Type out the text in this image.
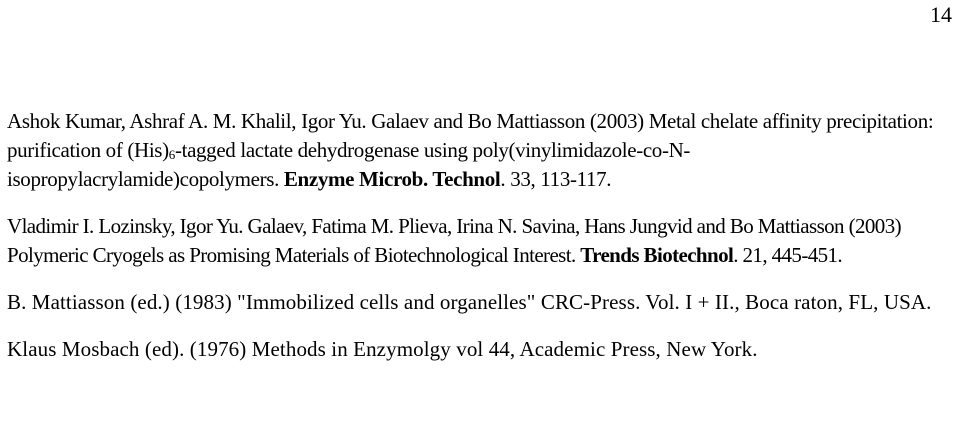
14

Ashok Kumar, Ashraf A. M. Khalil, Igor Yu. Galaev and Bo Mattiasson (2003) Metal chelate affinity precipitation: purification of $(His)_6$-tagged lactate dehydrogenase using poly(vinylimidazole-co-N-isopropylacrylamide)copolymers. Enzyme Microb. Technol. 33, 113-117.

Vladimir I. Lozinsky, Igor Yu. Galaev, Fatima M. Plieva, Irina N. Savina, Hans Jungvid and Bo Mattiasson (2003) Polymeric Cryogels as Promising Materials of Biotechnological Interest. Trends Biotechnol. 21, 445-451.

B. Mattiasson (ed.) (1983) "Immobilized cells and organelles" CRC-Press. Vol. I + II., Boca raton, FL, USA.

Klaus Mosbach (ed). (1976) Methods in Enzymolgy vol 44, Academic Press, New York.
